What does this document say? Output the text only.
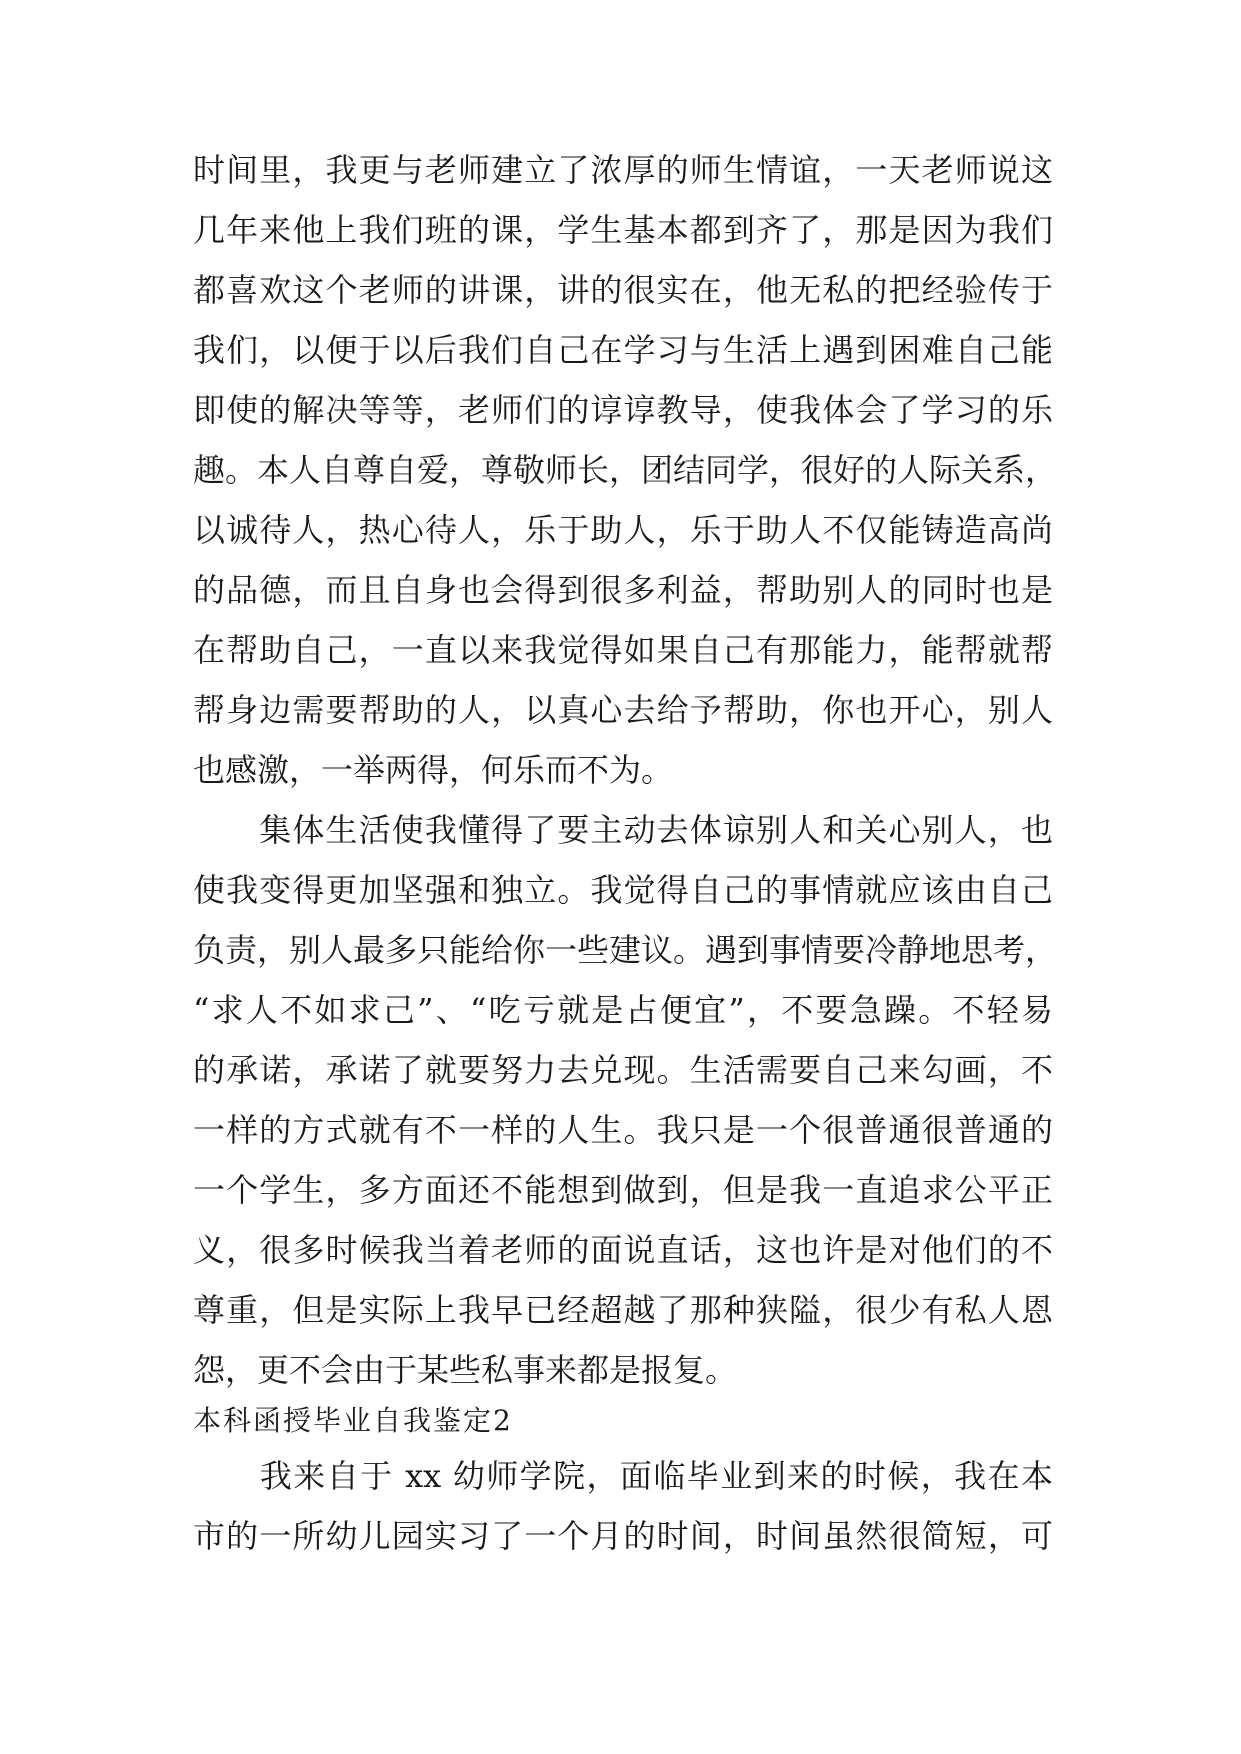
时间里，我更与老师建立了浓厚的师生情谊，一天老师说这
几年来他上我们班的课，学生基本都到齐了，那是因为我们
都喜欢这个老师的讲课，讲的很实在，他无私的把经验传于
我们，以便于以后我们自己在学习与生活上遇到困难自己能
即使的解决等等，老师们的谆谆教导，使我体会了学习的乐
趣。本人自尊自爱，尊敬师长，团结同学，很好的人际关系，
以诚待人，热心待人，乐于助人，乐于助人不仅能铸造高尚
的品德，而且自身也会得到很多利益，帮助别人的同时也是
在帮助自己，一直以来我觉得如果自己有那能力，能帮就帮
帮身边需要帮助的人，以真心去给予帮助，你也开心，别人
也感激，一举两得，何乐而不为。
　　集体生活使我懂得了要主动去体谅别人和关心别人，也
使我变得更加坚强和独立。我觉得自己的事情就应该由自己
负责，别人最多只能给你一些建议。遇到事情要冷静地思考，
“求人不如求己”、“吃亏就是占便宜”，不要急躁。不轻易
的承诺，承诺了就要努力去兑现。生活需要自己来勾画，不
一样的方式就有不一样的人生。我只是一个很普通很普通的
一个学生，多方面还不能想到做到，但是我一直追求公平正
义，很多时候我当着老师的面说直话，这也许是对他们的不
尊重，但是实际上我早已经超越了那种狭隘，很少有私人恩
怨，更不会由于某些私事来都是报复。
本科函授毕业自我鉴定2
　　我来自于 xx 幼师学院，面临毕业到来的时候，我在本
市的一所幼儿园实习了一个月的时间，时间虽然很简短，可
